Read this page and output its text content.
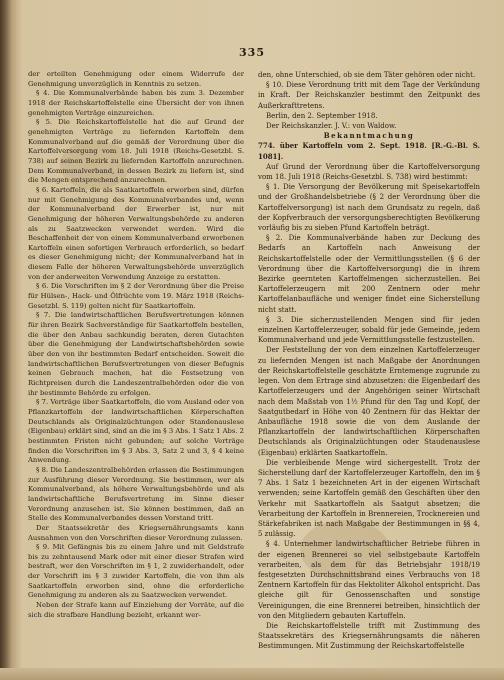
335

der erteilten Genehmigung oder einem Widerrufe der Genehmigung unverzüglich in Kenntnis zu setzen.

§ 4. Die Kommunalverbände haben bis zum 3. Dezember 1918 der Reichskartoffelstelle eine Übersicht der von ihnen genehmigten Verträge einzureichen.

§ 5. Die Reichskartoffelstelle hat die auf Grund der genehmigten Verträge zu liefernden Kartoffeln dem Kommunalverband auf die gemäß der Verordnung über die Kartoffelversorgung vom 18. Juli 1918 (Reichs-Gesetzbl. S. 738) auf seinen Bezirk zu liefernden Kartoffeln anzurechnen. Dem Kommunalverband, in dessen Bezirk zu liefern ist, sind die Mengen entsprechend anzurechnen.

§ 6. Kartoffeln, die als Saatkartoffeln erworben sind, dürfen nur mit Genehmigung des Kommunalverbandes und, wenn der Kommunalverband der Erwerber ist, nur mit Genehmigung der höheren Verwaltungsbehörde zu anderen als zu Saatzwecken verwendet werden. Wird die Beschaffenheit der von einem Kommunalverband erworbenen Kartoffeln einen sofortigen Verbrauch erforderlich, so bedarf es dieser Genehmigung nicht; der Kommunalverband hat in diesem Falle der höheren Verwaltungsbehörde unverzüglich von der anderweiten Verwendung Anzeige zu erstatten.

§ 6. Die Vorschriften im § 2 der Verordnung über die Preise für Hülsen-, Hack- und Ölfrüchte vom 19. März 1918 (Reichs-Gesetzbl. S. 119) gelten nicht für Saatkartoffeln.

§ 7. Die landwirtschaftlichen Berufsvertretungen können für ihren Bezirk Sachverständige für Saatkartoffeln bestellen, die über den Anbau sachkundig beraten, deren Gutachten über die Genehmigung der Landwirtschaftsbehörden sowie über den von ihr bestimmten Bedarf entscheiden. Soweit die landwirtschaftlichen Berufsvertretungen von dieser Befugnis keinen Gebrauch machen, hat die Festsetzung von Richtpreisen durch die Landeszentralbehörden oder die von ihr bestimmte Behörde zu erfolgen.

§ 7. Verträge über Saatkartoffeln, die vom Ausland oder von Pflanzkartoffeln der landwirtschaftlichen Körperschaften Deutschlands als Originalzüchtungen oder Standenauslese (Eigenbau) erklärt sind, sind an die im § 3 Abs. 1 Satz 1 Abs. 2 bestimmten Fristen nicht gebunden; auf solche Verträge finden die Vorschriften im § 3 Abs. 3, Satz 2 und 3, § 4 keine Anwendung.

§ 8. Die Landeszentralbehörden erlassen die Bestimmungen zur Ausführung dieser Verordnung. Sie bestimmen, wer als Kommunalverband, als höhere Verwaltungsbehörde und als landwirtschaftliche Berufsvertretung im Sinne dieser Verordnung anzusehen ist. Sie können bestimmen, daß an Stelle des Kommunalverbandes dessen Vorstand tritt.

Der Staatssekretär des Kriegsernährungsamts kann Ausnahmen von den Vorschriften dieser Verordnung zulassen.

§ 9. Mit Gefängnis bis zu einem Jahre und mit Geldstrafe bis zu zehntausend Mark oder mit einer dieser Strafen wird bestraft, wer den Vorschriften im § 1, 2 zuwiderhandelt, oder der Vorschrift im § 3 zuwider Kartoffeln, die von ihm als Saatkartoffeln erworben sind, ohne die erforderliche Genehmigung zu anderen als zu Saatzwecken verwendet.

Neben der Strafe kann auf Einziehung der Vorräte, auf die sich die strafbare Handlung bezieht, erkannt wer-

den, ohne Unterschied, ob sie dem Täter gehören oder nicht.

§ 10. Diese Verordnung tritt mit dem Tage der Verkündung in Kraft. Der Reichskanzler bestimmt den Zeitpunkt des Außerkrafttretens.

Berlin, den 2. September 1918.

Der Reichskanzler. J. V.: von Waldow.

Bekanntmachung

774. über Kartoffeln vom 2. Sept. 1918. [R.-G.-Bl. S. 1081].

Auf Grund der Verordnung über die Kartoffelversorgung vom 18. Juli 1918 (Reichs-Gesetzbl. S. 738) wird bestimmt:

§ 1. Die Versorgung der Bevölkerung mit Speisekartoffeln und der Großhandelsbetriebe (§ 2 der Verordnung über die Kartoffelversorgung) ist nach dem Grundsatz zu regeln, daß der Kopfverbrauch der versorgungsberechtigten Bevölkerung vorläufig bis zu sieben Pfund Kartoffeln beträgt.

§ 2. Die Kommunalverbände haben zur Deckung des Bedarfs an Kartoffeln nach Anweisung der Reichskartoffelstelle oder der Vermittlungsstellen (§ 6 der Verordnung über die Kartoffelversorgung) die in ihrem Bezirke geernteten Kartoffelmengen sicherzustellen. Bei Kartoffelerzeugern mit 200 Zentnern oder mehr Kartoffelanbaufläche und weniger findet eine Sicherstellung nicht statt.

§ 3. Die sicherzustellenden Mengen sind für jeden einzelnen Kartoffelerzeuger, sobald für jede Gemeinde, jedem Kommunalverband und jede Vermittlungsstelle festzustellen.

Der Feststellung der von dem einzelnen Kartoffelerzeuger zu liefernden Mengen ist nach Maßgabe der Anordnungen der Reichskartoffelstelle geschätzte Erntemenge zugrunde zu legen. Von dem Ertrage sind abzusetzen: die Eigenbedarf des Kartoffelerzeugers und der Angehörigen seiner Wirtschaft nach dem Maßstab von 1½ Pfund für den Tag und Kopf, der Saatgutbedarf in Höhe von 40 Zentnern für das Hektar der Anbaufläche 1918 sowie die von dem Auslande der Pflanzkartoffeln der landwirtschaftlichen Körperschaften Deutschlands als Originalzüchtungen oder Staudenauslese (Eigenbau) erklärten Saatkartoffeln.

Die verbleibende Menge wird sichergestellt. Trotz der Sicherstellung darf der Kartoffelerzeuger Kartoffeln, den im § 7 Abs. 1 Satz 1 bezeichneten Art in der eigenen Wirtschaft verwenden; seine Kartoffeln gemäß den Geschäften über den Verkehr mit Saatkartoffeln als Saatgut absetzen; die Verarbeitung der Kartoffeln in Brennereien, Trocknereien und Stärkefabriken ist nach Maßgabe der Bestimmungen in §§ 4, 5 zulässig.

§ 4. Unternehmer landwirtschaftlicher Betriebe führen in der eigenen Brennerei so viel selbstgebaute Kartoffeln verarbeiten, als dem für das Betriebsjahr 1918/19 festgesetzten Durchschnittsbrand eines Verbrauchs von 18 Zentnern Kartoffeln für das Hektoliter Alkohol entspricht. Das gleiche gilt für Genossenschaften und sonstige Vereinigungen, die eine Brennerei betreiben, hinsichtlich der von den Mitgliedern gebauten Kartoffeln.

Die Reichskartoffelstelle trifft mit Zustimmung des Staatssekretärs des Kriegsernährungsamts die näheren Bestimmungen. Mit Zustimmung der Reichskartoffelstelle
